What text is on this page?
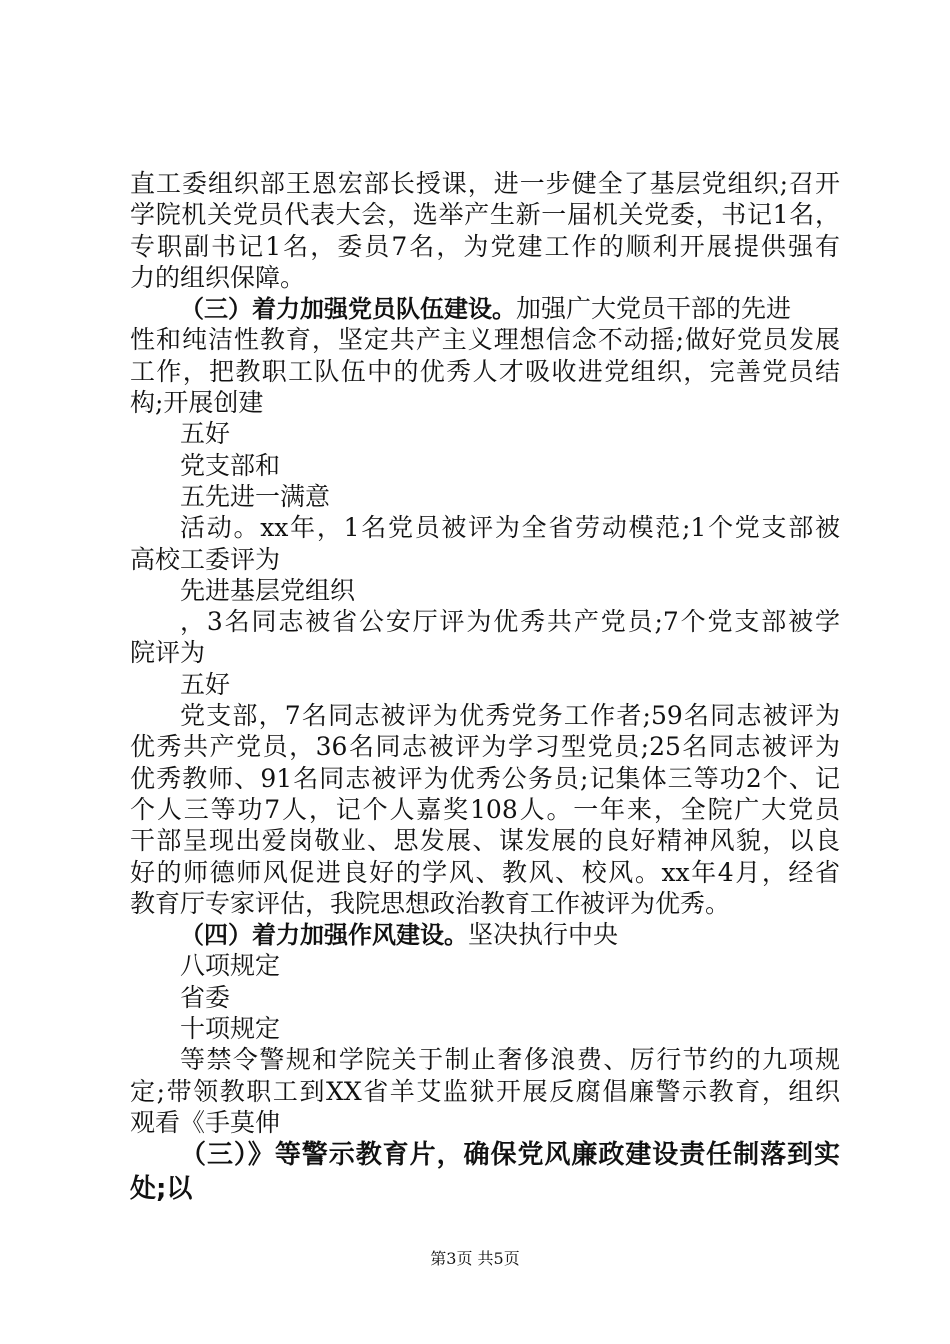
直工委组织部王恩宏部长授课，进一步健全了基层党组织;召开
学院机关党员代表大会，选举产生新一届机关党委，书记1名，
专职副书记1名，委员7名，为党建工作的顺利开展提供强有
力的组织保障。
（三）着力加强党员队伍建设。加强广大党员干部的先进
性和纯洁性教育，坚定共产主义理想信念不动摇;做好党员发展
工作，把教职工队伍中的优秀人才吸收进党组织，完善党员结
构;开展创建
五好
党支部和
五先进一满意
活动。xx年，1名党员被评为全省劳动模范;1个党支部被
高校工委评为
先进基层党组织
，3名同志被省公安厅评为优秀共产党员;7个党支部被学
院评为
五好
党支部，7名同志被评为优秀党务工作者;59名同志被评为
优秀共产党员，36名同志被评为学习型党员;25名同志被评为
优秀教师、91名同志被评为优秀公务员;记集体三等功2个、记
个人三等功7人，记个人嘉奖108人。一年来，全院广大党员
干部呈现出爱岗敬业、思发展、谋发展的良好精神风貌，以良
好的师德师风促进良好的学风、教风、校风。xx年4月，经省
教育厅专家评估，我院思想政治教育工作被评为优秀。
（四）着力加强作风建设。坚决执行中央
八项规定
省委
十项规定
等禁令警规和学院关于制止奢侈浪费、厉行节约的九项规
定;带领教职工到XX省羊艾监狱开展反腐倡廉警示教育，组织
观看《手莫伸
（三）》等警示教育片，确保党风廉政建设责任制落到实
处;以
第3页 共5页
